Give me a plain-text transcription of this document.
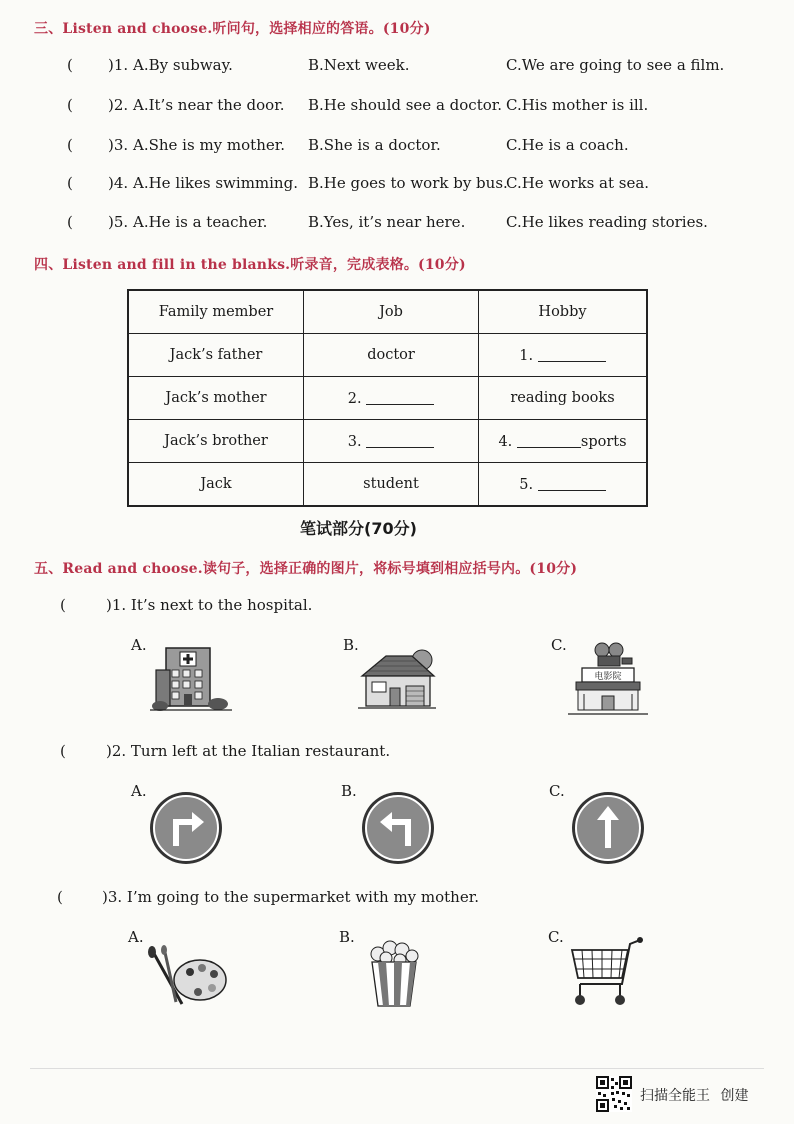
三、Listen and choose.听问句，选择相应的答语。(10分)
( )1. A.By subway.	B.Next week.	C.We are going to see a film.
( )2. A.It’s near the door. B.He should see a doctor. C.His mother is ill.
( )3. A.She is my mother. B.She is a doctor.	C.He is a coach.
( )4. A.He likes swimming. B.He goes to work by bus.
C.He works at sea.
( )5. A.He is a teacher.	B.Yes, it’s near here.	C.He likes reading stories.
四、Listen and fill in the blanks.听录音，完成表格。(10分)
Family member	Job	Hobby
Jack’s father	doctor	1.
Jack’s mother	2.	reading books
Jack’s brother	3.	4. sports
Jack	student	5.
笔试部分(70分)
五、Read and choose.读句子，选择正确的图片，将标号填到相应括号内。(10分)
(	)1. It’s next to the hospital.
A.	B.	C.
电影院
(	)2. Turn left at the Italian restaurant.
A.	B.	C.
(	)3. I’m going to the supermarket with my mother.
A.	B.	C.
扫描全能王 创建
